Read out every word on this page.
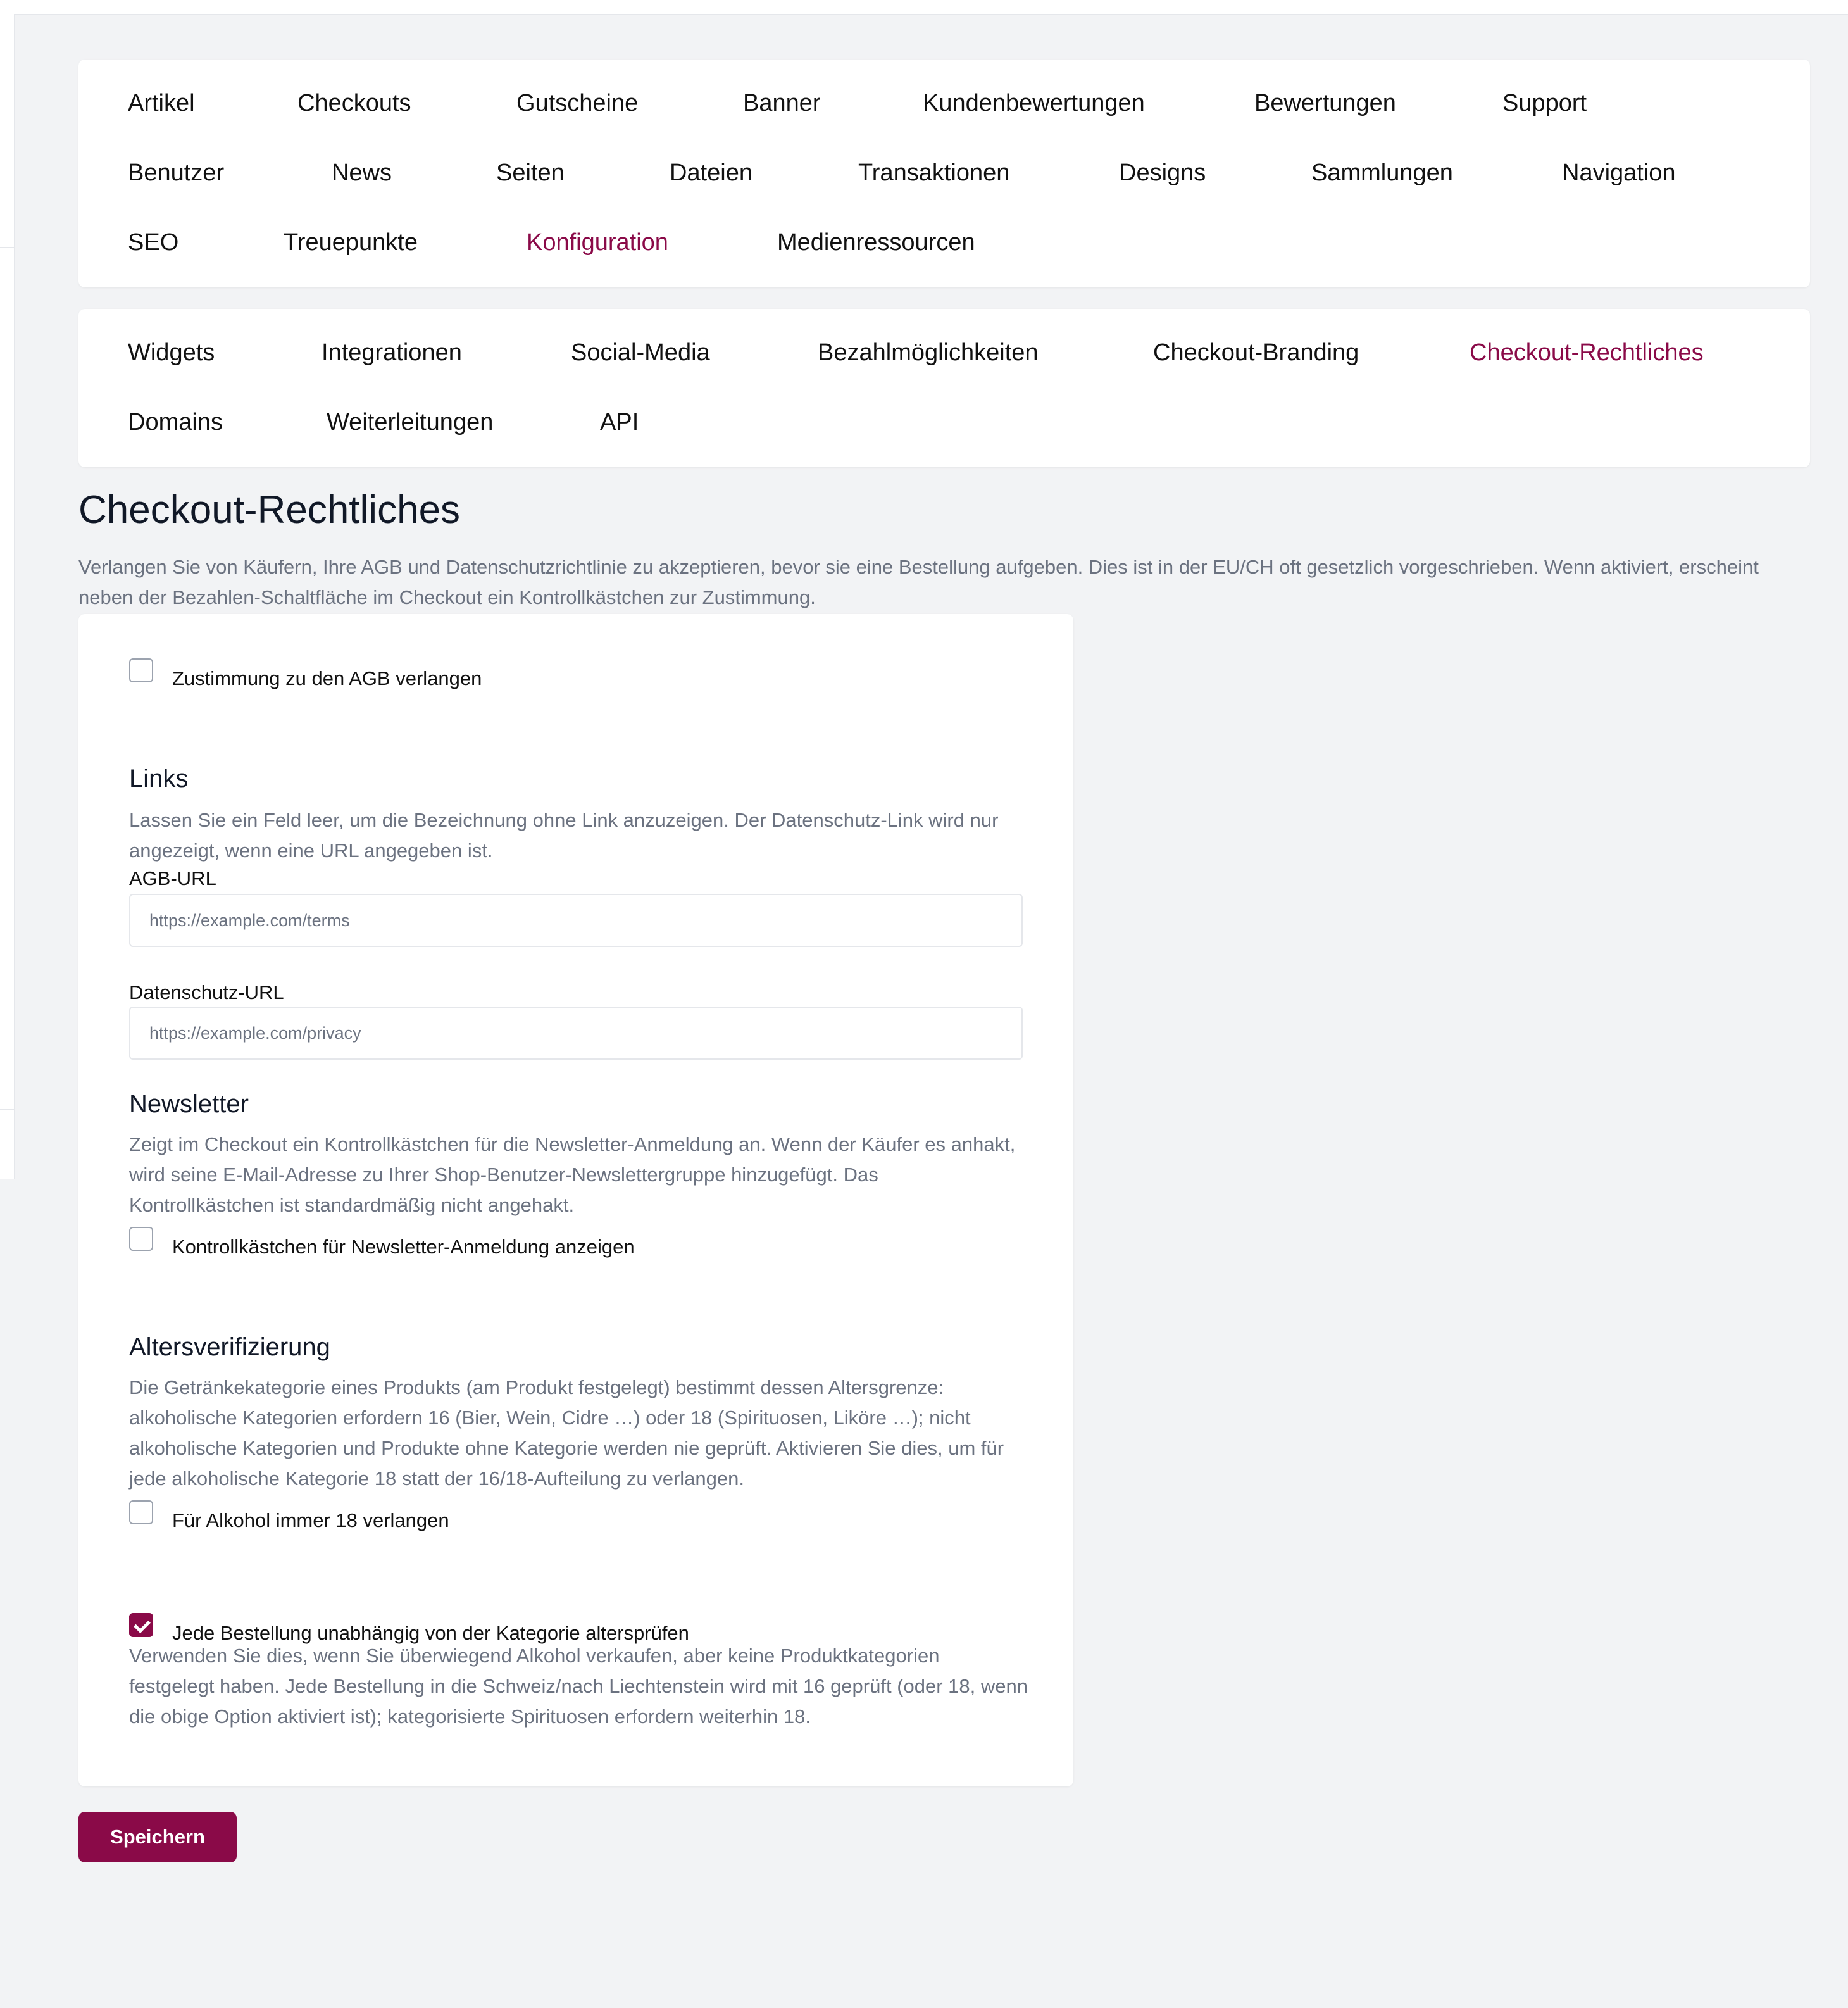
Artikel	Checkouts	Gutscheine	Banner	Kundenbewertungen	Bewertungen	Support
Benutzer	News	Seiten	Dateien	Transaktionen	Designs	Sammlungen	Navigation
SEO	Treuepunkte	Konfiguration	Medienressourcen
Widgets	Integrationen	Social-Media	Bezahlmöglichkeiten	Checkout-Branding	Checkout-Rechtliches
Domains	Weiterleitungen	API
Checkout-Rechtliches

Verlangen Sie von Käufern, Ihre AGB und Datenschutzrichtlinie zu akzeptieren, bevor sie eine Bestellung aufgeben. Dies ist in der EU/CH oft gesetzlich vorgeschrieben. Wenn aktiviert, erscheint neben der Bezahlen-Schaltfläche im Checkout ein Kontrollkästchen zur Zustimmung.

Zustimmung zu den AGB verlangen
Links

Lassen Sie ein Feld leer, um die Bezeichnung ohne Link anzuzeigen. Der Datenschutz-Link wird nur angezeigt, wenn eine URL angegeben ist.

AGB-URL
https://example.com/terms
Datenschutz-URL
https://example.com/privacy
Newsletter

Zeigt im Checkout ein Kontrollkästchen für die Newsletter-Anmeldung an. Wenn der Käufer es anhakt, wird seine E-Mail-Adresse zu Ihrer Shop-Benutzer-Newslettergruppe hinzugefügt. Das Kontrollkästchen ist standardmäßig nicht angehakt.

Kontrollkästchen für Newsletter-Anmeldung anzeigen
Altersverifizierung

Die Getränkekategorie eines Produkts (am Produkt festgelegt) bestimmt dessen Altersgrenze: alkoholische Kategorien erfordern 16 (Bier, Wein, Cidre …) oder 18 (Spirituosen, Liköre …); nicht alkoholische Kategorien und Produkte ohne Kategorie werden nie geprüft. Aktivieren Sie dies, um für jede alkoholische Kategorie 18 statt der 16/18-Aufteilung zu verlangen.

Für Alkohol immer 18 verlangen
Jede Bestellung unabhängig von der Kategorie altersprüfen

Verwenden Sie dies, wenn Sie überwiegend Alkohol verkaufen, aber keine Produktkategorien festgelegt haben. Jede Bestellung in die Schweiz/nach Liechtenstein wird mit 16 geprüft (oder 18, wenn die obige Option aktiviert ist); kategorisierte Spirituosen erfordern weiterhin 18.

Speichern
